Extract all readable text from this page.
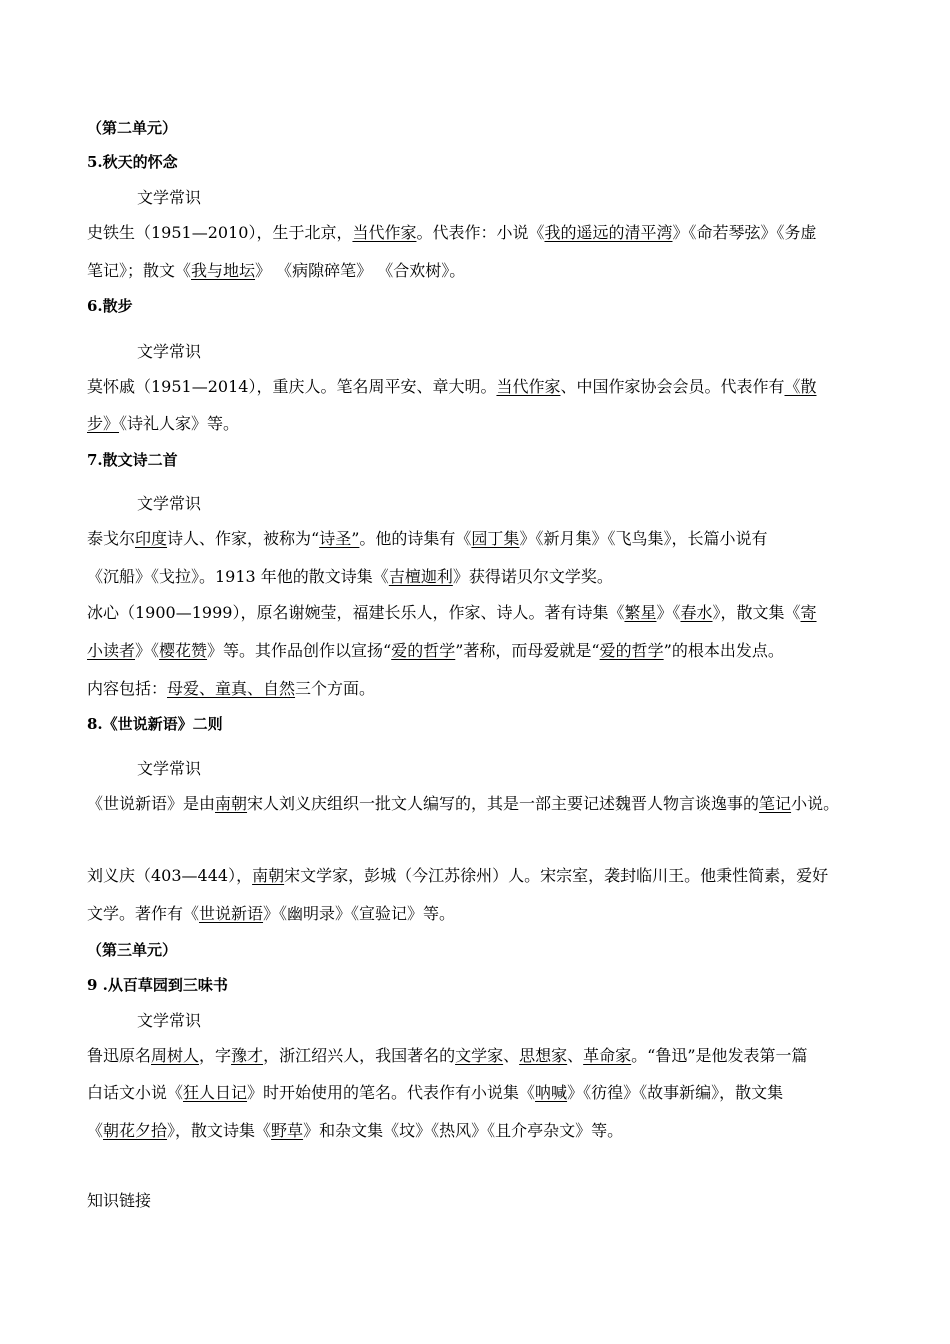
（第二单元）
5.秋天的怀念
文学常识
史铁生（1951—2010），生于北京，当代作家。代表作：小说《我的遥远的清平湾》《命若琴弦》《务虚
笔记》；散文《我与地坛》 《病隙碎笔》 《合欢树》。
6.散步
文学常识
莫怀戚（1951—2014），重庆人。笔名周平安、章大明。当代作家、中国作家协会会员。代表作有《散
步》《诗礼人家》等。
7.散文诗二首
文学常识
泰戈尔印度诗人、作家，被称为“诗圣”。他的诗集有《园丁集》《新月集》《飞鸟集》，长篇小说有
《沉船》《戈拉》。1913 年他的散文诗集《吉檀迦利》获得诺贝尔文学奖。
冰心（1900—1999），原名谢婉莹，福建长乐人，作家、诗人。著有诗集《繁星》《春水》，散文集《寄
小读者》《樱花赞》等。其作品创作以宣扬“爱的哲学”著称，而母爱就是“爱的哲学”的根本出发点。
内容包括：母爱、童真、自然三个方面。
8.《世说新语》二则
文学常识
《世说新语》是由南朝宋人刘义庆组织一批文人编写的，其是一部主要记述魏晋人物言谈逸事的笔记小说。
刘义庆（403—444），南朝宋文学家，彭城（今江苏徐州）人。宋宗室，袭封临川王。他秉性简素，爱好
文学。著作有《世说新语》《幽明录》《宣验记》等。
（第三单元）
9 .从百草园到三味书
文学常识
鲁迅原名周树人，字豫才，浙江绍兴人，我国著名的文学家、思想家、革命家。“鲁迅”是他发表第一篇
白话文小说《狂人日记》时开始使用的笔名。代表作有小说集《呐喊》《彷徨》《故事新编》，散文集
《朝花夕拾》，散文诗集《野草》和杂文集《坟》《热风》《且介亭杂文》等。
知识链接
